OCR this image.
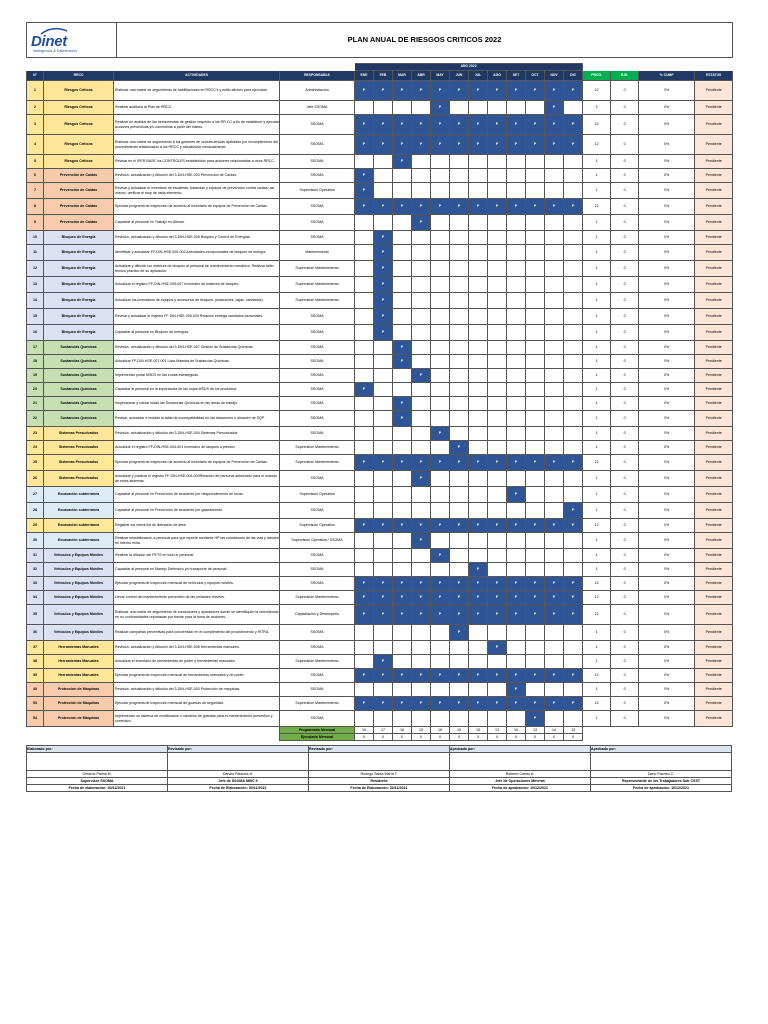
Dinet
Inteligencia & Distribución
	PLAN ANUAL DE RIESGOS CRITICOS 2022
				AÑO 2022															
N°	RRCC	ACTIVIDADES	RESPONSABLE	ENE	FEB	MAR	ABR	MAY	JUN	JUL	AGO	SET	OCT	NOV	DIC	PROG.	EJE.	% CUMP	ESTATUS
1	Riesgos Críticos	Elaborar una matriz de seguimiento de habilitaciones en RRCC's y estilo afiches para ejecución.	Administración	P	P	P	P	P	P	P	P	P	P	P	P	12	0	0%	Pendiente
2	Riesgos Críticos	Realizar auditoria al Plan de RRCC.	Jefe SSOMA					P						P		2	0	0%	Pendiente
3	Riesgos Críticos	Realizar un análisis de las herramientas de gestión respecto a los RR.CC a fin de establecer y ejecutar acciones preventivas y/o correctivas a partir del mismo.	SSOMA	P	P	P	P	P	P	P	P	P	P	P	P	12	0	0%	Pendiente
4	Riesgos Críticos	Elaborar una matriz de seguimiento a los gestores de consecuencias aplicadas por incumplimiento del procedimiento relacionados a los RRCC y actualizarla mensualmente.	SSOMA	P	P	P	P	P	P	P	P	P	P	P	P	12	0	0%	Pendiente
5	Riesgos Críticos	Revisar en el IPER BASE los CONTROLES establecidos para acciones relacionadas a otros RRCC.	SSOMA			P										1	0	0%	Pendiente
6	Prevención de Caídas	Revisión, actualización y difusión del 3-DIN-HSE-003 Prevención de Caídas.	SSOMA	P												1	0	0%	Pendiente
7	Prevención de Caídas	Revisar y actualizar el inventario de escaleras, barandas y equipos de prevención contra caídas; así mismo, verificar el stop de cada elemento.	Supervisión Operativa	P												1	0	0%	Pendiente
8	Prevención de Caídas	Ejecutar programa de inspección de acuerdo al inventario de equipos de Prevención de Caídas.	SSOMA	P	P	P	P	P	P	P	P	P	P	P	P	12	0	0%	Pendiente
9	Prevención de Caídas	Capacitar al personal en Trabajo en Alturas.	SSOMA				P									1	0	0%	Pendiente
10	Bloqueo de Energía	Revisión, actualización y difusión del 3-DIN-HSE-005 Bloqueo y Control de Energías.	SSOMA		P											1	0	0%	Pendiente
11	Bloqueo de Energía	Identificar y actualizar FF-DIN-HSE-005-002 Actividades excepcionales de bloqueo de energía.	Mantenimiento		P											1	0	0%	Pendiente
12	Bloqueo de Energía	Actualizar y difundir los matrices de bloqueo al personal de mantenimiento mecánico. Realizar taller teórico práctico de su aplicación.	Supervisión Mantenimiento		P											1	0	0%	Pendiente
13	Bloqueo de Energía	Actualizar el registro FF-DIN-HSE-005-007 Inventario de matrices de bloqueo.	Supervisión Mantenimiento		P											1	0	0%	Pendiente
14	Bloqueo de Energía	Actualizar los inventarios de equipos y accesorios de bloqueo. (estaciones, cajas, candados).	Supervisión Mantenimiento		P											1	0	0%	Pendiente
15	Bloqueo de Energía	Revisar y actualizar el registro FF-DIN-HSE-005-009 Relación entrega candados personales.	SSOMA		P											1	0	0%	Pendiente
16	Bloqueo de Energía	Capacitar al personal en Bloqueo de energías.	SSOMA		P											1	0	0%	Pendiente
17	Sustancias Químicas	Revisión, actualización y difusión del 3-DIN-HSE-007 Gestión de Sustancias Químicas.	SSOMA			P										1	0	0%	Pendiente
18	Sustancias Químicas	Actualizar FF-DIN-HSE-007-001 Lista Maestra de Sustancias Químicas.	SSOMA			P										1	0	0%	Pendiente
19	Sustancias Químicas	Implementar portal MSDS en las zonas estratégicas.	SSOMA				P									1	0	0%	Pendiente
20	Sustancias Químicas	Capacitar al personal en la importancia de las hojas MSDS de los productos.	SSOMA	P												1	0	0%	Pendiente
21	Sustancias Químicas	Inspeccionar y rotular todas las Sustancias Químicas en las áreas de trabajo.	SSOMA			P										1	0	0%	Pendiente
22	Sustancias Químicas	Revisar, actualizar e instalar la tabla de incompatibilidad en las estaciones o almacén de SQP.	SSOMA			P										1	0	0%	Pendiente
23	Sistemas Presurizados	Revisión, actualización y difusión del 3-DIN-HSE-004 Sistemas Presurizados.	SSOMA					P								1	0	0%	Pendiente
24	Sistemas Presurizados	Actualizar el registro FF-DIN-HSE-004-001 Inventario de tanques a presión.	Supervisión Mantenimiento						P							1	0	0%	Pendiente
25	Sistemas Presurizados	Ejecutar programa de inspección de acuerdo al inventario de equipos de Prevención de Caídas.	Supervisión Mantenimiento	P	P	P	P	P	P	P	P	P	P	P	P	12	0	0%	Pendiente
26	Sistemas Presurizados	Actualizar y publicar el registro FF-DIN-HSE-004-003Relación del personal autorizado para el manejo de estos sistemas.	SSOMA				P									1	0	0%	Pendiente
27	Excavación subterránea	Capacitar al personal en Prevención de accidente por desprendimiento de rocas.	Supervisión Operativa									P				1	0	0%	Pendiente
28	Excavación subterránea	Capacitar al personal en Prevención de accidente por gaseamiento.	SSOMA												P	1	0	0%	Pendiente
29	Excavación subterránea	Registrar los check list de liberación de área.	Supervisión Operativa	P	P	P	P	P	P	P	P	P	P	P	P	12	0	0%	Pendiente
30	Excavación subterránea	Realizar sensibilización a personal para que reporte mediante HP las condiciones de las vías y labores en interior mina.	Supervisión Operativa / SSOMA				P									1	0	0%	Pendiente
31	Vehículos y Equipos Móviles	Realizar la difusión del PETS en todo el personal.	SSOMA					P								1	0	0%	Pendiente
32	Vehículos y Equipos Móviles	Capacitar al personal en Manejo Defensivo y/o transporte de personal.	SSOMA							P						1	0	0%	Pendiente
33	Vehículos y Equipos Móviles	Ejecutar programa de inspección mensual de vehículos y equipos móviles.	SSOMA	P	P	P	P	P	P	P	P	P	P	P	P	12	0	0%	Pendiente
34	Vehículos y Equipos Móviles	Llevar control del mantenimiento preventivo de las unidades móviles.	Supervisión Mantenimiento	P	P	P	P	P	P	P	P	P	P	P	P	12	0	0%	Pendiente
35	Vehículos y Equipos Móviles	Elaborar una matriz de seguimiento de conductores y operadores donde se identifiquen la reincidencia en no conformidades reportadas por fuente para la toma de acciones.	Capacitación y Desempeño	P	P	P	P	P	P	P	P	P	P	P	P	12	0	0%	Pendiente
36	Vehículos y Equipos Móviles	Realizar campañas preventivas para concientizar en el cumplimiento del procedimiento y RITRA.	SSOMA						P							1	0	0%	Pendiente
37	Herramientas Manuales	Revisión, actualización y difusión del 3-DIN-HSE-006 Herramientas manuales.	SSOMA								P					1	0	0%	Pendiente
38	Herramientas Manuales	Actualizar el inventario de herramientas de poder y herramientas manuales.	Supervisión Mantenimiento		P											1	0	0%	Pendiente
39	Herramientas Manuales	Ejecutar programa de inspección mensual de herramientas manuales y de poder.	SSOMA	P	P	P	P	P	P	P	P	P	P	P	P	12	0	0%	Pendiente
40	Protección de Máquinas	Revisión, actualización y difusión del 3-DIN-HSE-003 Protección de máquinas.	SSOMA									P				1	0	0%	Pendiente
53	Protección de Máquinas	Ejecutar programa de inspección mensual de guardas de seguridad.	Supervisión Mantenimiento	P	P	P	P	P	P	P	P	P	P	P	P	12	0	0%	Pendiente
54	Protección de Máquinas	Implementar un sistema de modificación o cambios de guardas para el mantenimiento preventivo y correctivo.	SSOMA										P			1	0	0%	Pendiente
			Programado Mensual	15	17	16	15	16	15	15	13	15	13	14	13				
			Ejecutado Mensual	0	0	0	0	0	0	0	0	0	0	0	0				
Elaborado por:	Revisado por:	Revisado por:	Aprobado por:	Aprobado por:

Gerardo Palma M.	Darwin Palacios H.	Rodrigo Santa María T.	Roberto Castro A.	Dario Pacheo C.
Supervisor SSOMA	Jefe de SSOMA NIBC II	Residente	Jefe de Operaciones Mineras	Representante de los Trabajadores Sub CSST
Fecha de elaboración: 30/11/2021	Fecha de Elaboración: 30/11/2021	Fecha de Elaboración: 30/11/2021	Fecha de aprobación: 10/12/2021	Fecha de aprobación: 10/12/2021
